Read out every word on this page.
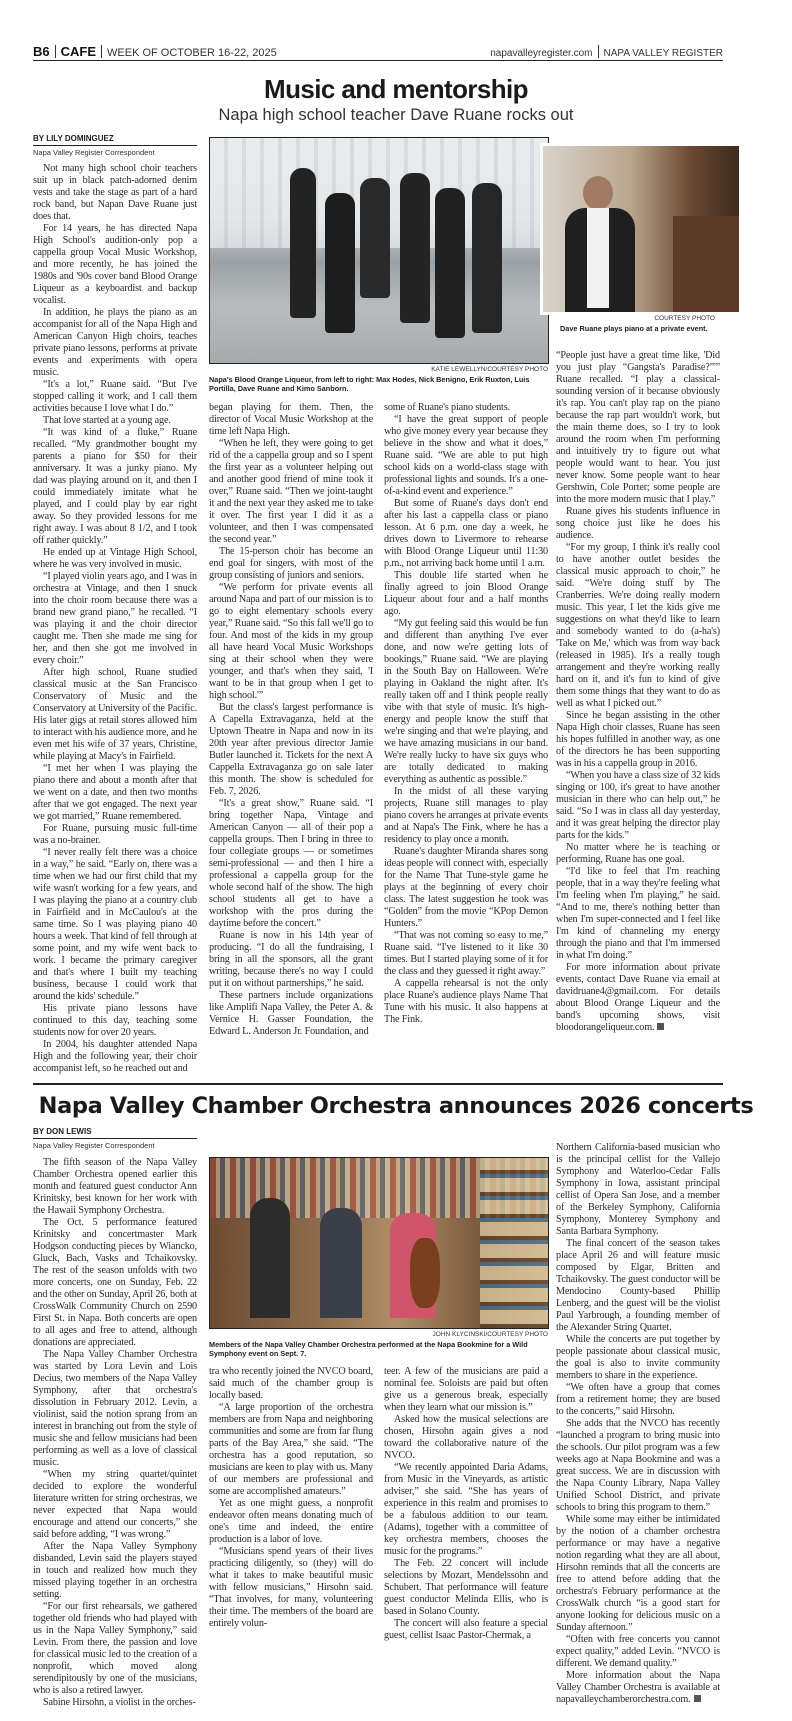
B6 CAFE WEEK OF OCTOBER 16-22, 2025	napavalleyregister.com NAPA VALLEY REGISTER
Music and mentorship
Napa high school teacher Dave Ruane rocks out
BY LILY DOMINGUEZ
Napa Valley Register Correspondent
KATIE LEWELLYN/COURTESY PHOTO
Napa's Blood Orange Liqueur, from left to right: Max Hodes, Nick Benigno, Erik Ruxton, Luis Portilla, Dave Ruane and Kimo Sanborn.
COURTESY PHOTO
Dave Ruane plays piano at a private event.

Not many high school choir teachers suit up in black patch-adorned denim vests and take the stage as part of a hard rock band, but Napan Dave Ruane just does that.

For 14 years, he has directed Napa High School's audition-only pop a cappella group Vocal Music Workshop, and more recently, he has joined the 1980s and '90s cover band Blood Orange Liqueur as a keyboardist and backup vocalist.

In addition, he plays the piano as an accompanist for all of the Napa High and American Canyon High choirs, teaches private piano lessons, performs at private events and experiments with opera music.

“It's a lot,” Ruane said. “But I've stopped calling it work, and I call them activities because I love what I do.”

That love started at a young age.

“It was kind of a fluke,” Ruane recalled. “My grandmother bought my parents a piano for $50 for their anniversary. It was a junky piano. My dad was playing around on it, and then I could immediately imitate what he played, and I could play by ear right away. So they provided lessons for me right away. I was about 8 1/2, and I took off rather quickly.”

He ended up at Vintage High School, where he was very involved in music.

“I played violin years ago, and I was in orchestra at Vintage, and then I snuck into the choir room because there was a brand new grand piano,” he recalled. “I was playing it and the choir director caught me. Then she made me sing for her, and then she got me involved in every choir.”

After high school, Ruane studied classical music at the San Francisco Conservatory of Music and the Conservatory at University of the Pacific. His later gigs at retail stores allowed him to interact with his audience more, and he even met his wife of 37 years, Christine, while playing at Macy's in Fairfield.

“I met her when I was playing the piano there and about a month after that we went on a date, and then two months after that we got engaged. The next year we got married,” Ruane remembered.

For Ruane, pursuing music full-time was a no-brainer.

“I never really felt there was a choice in a way,” he said. “Early on, there was a time when we had our first child that my wife wasn't working for a few years, and I was playing the piano at a country club in Fairfield and in McCaulou's at the same time. So I was playing piano 40 hours a week. That kind of fell through at some point, and my wife went back to work. I became the primary caregiver and that's where I built my teaching business, because I could work that around the kids' schedule.”

His private piano lessons have continued to this day, teaching some students now for over 20 years.

In 2004, his daughter attended Napa High and the following year, their choir accompanist left, so he reached out and

began playing for them. Then, the director of Vocal Music Workshop at the time left Napa High.

“When he left, they were going to get rid of the a cappella group and so I spent the first year as a volunteer helping out and another good friend of mine took it over,” Ruane said. “Then we joint-taught it and the next year they asked me to take it over. The first year I did it as a volunteer, and then I was compensated the second year.”

The 15-person choir has become an end goal for singers, with most of the group consisting of juniors and seniors.

“We perform for private events all around Napa and part of our mission is to go to eight elementary schools every year,” Ruane said. “So this fall we'll go to four. And most of the kids in my group all have heard Vocal Music Workshops sing at their school when they were younger, and that's when they said, 'I want to be in that group when I get to high school.'”

But the class's largest performance is A Capella Extravaganza, held at the Uptown Theatre in Napa and now in its 20th year after previous director Jamie Butler launched it. Tickets for the next A Cappella Extravaganza go on sale later this month. The show is scheduled for Feb. 7, 2026.

“It's a great show,” Ruane said. “I bring together Napa, Vintage and American Canyon — all of their pop a cappella groups. Then I bring in three to four collegiate groups — or sometimes semi-professional — and then I hire a professional a cappella group for the whole second half of the show. The high school students all get to have a workshop with the pros during the daytime before the concert.”

Ruane is now in his 14th year of producing. “I do all the fundraising, I bring in all the sponsors, all the grant writing, because there's no way I could put it on without partnerships,” he said.

These partners include organizations like Amplifi Napa Valley, the Peter A. & Vernice H. Gasser Foundation, the Edward L. Anderson Jr. Foundation, and

some of Ruane's piano students.

“I have the great support of people who give money every year because they believe in the show and what it does,” Ruane said. “We are able to put high school kids on a world-class stage with professional lights and sounds. It's a one-of-a-kind event and experience.”

But some of Ruane's days don't end after his last a cappella class or piano lesson. At 6 p.m. one day a week, he drives down to Livermore to rehearse with Blood Orange Liqueur until 11:30 p.m., not arriving back home until 1 a.m.

This double life started when he finally agreed to join Blood Orange Liqueur about four and a half months ago.

“My gut feeling said this would be fun and different than anything I've ever done, and now we're getting lots of bookings,” Ruane said. “We are playing in the South Bay on Halloween. We're playing in Oakland the night after. It's really taken off and I think people really vibe with that style of music. It's high-energy and people know the stuff that we're singing and that we're playing, and we have amazing musicians in our band. We're really lucky to have six guys who are totally dedicated to making everything as authentic as possible.”

In the midst of all these varying projects, Ruane still manages to play piano covers he arranges at private events and at Napa's The Fink, where he has a residency to play once a month.

Ruane's daughter Miranda shares song ideas people will connect with, especially for the Name That Tune-style game he plays at the beginning of every choir class. The latest suggestion he took was “Golden” from the movie “KPop Demon Hunters.”

“That was not coming so easy to me,” Ruane said. “I've listened to it like 30 times. But I started playing some of it for the class and they guessed it right away.”

A cappella rehearsal is not the only place Ruane's audience plays Name That Tune with his music. It also happens at The Fink.

“People just have a great time like, 'Did you just play “Gangsta's Paradise?”'” Ruane recalled. “I play a classical-sounding version of it because obviously it's rap. You can't play rap on the piano because the rap part wouldn't work, but the main theme does, so I try to look around the room when I'm performing and intuitively try to figure out what people would want to hear. You just never know. Some people want to hear Gershwin, Cole Porter; some people are into the more modern music that I play.”

Ruane gives his students influence in song choice just like he does his audience.

“For my group, I think it's really cool to have another outlet besides the classical music approach to choir,” he said. “We're doing stuff by The Cranberries. We're doing really modern music. This year, I let the kids give me suggestions on what they'd like to learn and somebody wanted to do (a-ha's) 'Take on Me,' which was from way back (released in 1985). It's a really tough arrangement and they're working really hard on it, and it's fun to kind of give them some things that they want to do as well as what I picked out.”

Since he began assisting in the other Napa High choir classes, Ruane has seen his hopes fulfilled in another way, as one of the directors he has been supporting was in his a cappella group in 2016.

“When you have a class size of 32 kids singing or 100, it's great to have another musician in there who can help out,” he said. “So I was in class all day yesterday, and it was great helping the director play parts for the kids.”

No matter where he is teaching or performing, Ruane has one goal.

“I'd like to feel that I'm reaching people, that in a way they're feeling what I'm feeling when I'm playing,” he said. “And to me, there's nothing better than when I'm super-connected and I feel like I'm kind of channeling my energy through the piano and that I'm immersed in what I'm doing.”

For more information about private events, contact Dave Ruane via email at davidruane4@gmail.com. For details about Blood Orange Liqueur and the band's upcoming shows, visit bloodorangeliqueur.com.

Napa Valley Chamber Orchestra announces 2026 concerts
BY DON LEWIS
Napa Valley Register Correspondent
JOHN KLYCINSKI/COURTESY PHOTO
Members of the Napa Valley Chamber Orchestra performed at the Napa Bookmine for a Wild Symphony event on Sept. 7.

The fifth season of the Napa Valley Chamber Orchestra opened earlier this month and featured guest conductor Ann Krinitsky, best known for her work with the Hawaii Symphony Orchestra.

The Oct. 5 performance featured Krinitsky and concertmaster Mark Hodgson conducting pieces by Wiancko, Gluck, Bach, Vasks and Tchaikovsky. The rest of the season unfolds with two more concerts, one on Sunday, Feb. 22 and the other on Sunday, April 26, both at CrossWalk Community Church on 2590 First St. in Napa. Both concerts are open to all ages and free to attend, although donations are appreciated.

The Napa Valley Chamber Orchestra was started by Lora Levin and Lois Decius, two members of the Napa Valley Symphony, after that orchestra's dissolution in February 2012. Levin, a violinist, said the notion sprang from an interest in branching out from the style of music she and fellow musicians had been performing as well as a love of classical music.

“When my string quartet/quintet decided to explore the wonderful literature written for string orchestras, we never expected that Napa would encourage and attend our concerts,” she said before adding, “I was wrong.”

After the Napa Valley Symphony disbanded, Levin said the players stayed in touch and realized how much they missed playing together in an orchestra setting.

“For our first rehearsals, we gathered together old friends who had played with us in the Napa Valley Symphony,” said Levin. From there, the passion and love for classical music led to the creation of a nonprofit, which moved along serendipitously by one of the musicians, who is also a retired lawyer.

Sabine Hirsohn, a violist in the orches-

tra who recently joined the NVCO board, said much of the chamber group is locally based.

“A large proportion of the orchestra members are from Napa and neighboring communities and some are from far flung parts of the Bay Area,” she said. “The orchestra has a good reputation, so musicians are keen to play with us. Many of our members are professional and some are accomplished amateurs.”

Yet as one might guess, a nonprofit endeavor often means donating much of one's time and indeed, the entire production is a labor of love.

“Musicians spend years of their lives practicing diligently, so (they) will do what it takes to make beautiful music with fellow musicians,” Hirsohn said. “That involves, for many, volunteering their time. The members of the board are entirely volun-

teer. A few of the musicians are paid a nominal fee. Soloists are paid but often give us a generous break, especially when they learn what our mission is.”

Asked how the musical selections are chosen, Hirsohn again gives a nod toward the collaborative nature of the NVCO.

“We recently appointed Daria Adams, from Music in the Vineyards, as artistic adviser,” she said. “She has years of experience in this realm and promises to be a fabulous addition to our team. (Adams), together with a committee of key orchestra members, chooses the music for the programs.”

The Feb. 22 concert will include selections by Mozart, Mendelssohn and Schubert. That performance will feature guest conductor Melinda Ellis, who is based in Solano County.

The concert will also feature a special guest, cellist Isaac Pastor-Chermak, a

Northern California-based musician who is the principal cellist for the Vallejo Symphony and Waterloo-Cedar Falls Symphony in Iowa, assistant principal cellist of Opera San Jose, and a member of the Berkeley Symphony, California Symphony, Monterey Symphony and Santa Barbara Symphony.

The final concert of the season takes place April 26 and will feature music composed by Elgar, Britten and Tchaikovsky. The guest conductor will be Mendocino County-based Phillip Lenberg, and the guest will be the violist Paul Yarbrough, a founding member of the Alexander String Quartet.

While the concerts are put together by people passionate about classical music, the goal is also to invite community members to share in the experience.

“We often have a group that comes from a retirement home; they are bused to the concerts,” said Hirsohn.

She adds that the NVCO has recently “launched a program to bring music into the schools. Our pilot program was a few weeks ago at Napa Bookmine and was a great success. We are in discussion with the Napa County Library, Napa Valley Unified School District, and private schools to bring this program to them.”

While some may either be intimidated by the notion of a chamber orchestra performance or may have a negative notion regarding what they are all about, Hirsohn reminds that all the concerts are free to attend before adding that the orchestra's February performance at the CrossWalk church “is a good start for anyone looking for delicious music on a Sunday afternoon.”

“Often with free concerts you cannot expect quality,” added Levin. “NVCO is different. We demand quality.”

More information about the Napa Valley Chamber Orchestra is available at napavalleychamberorchestra.com.
